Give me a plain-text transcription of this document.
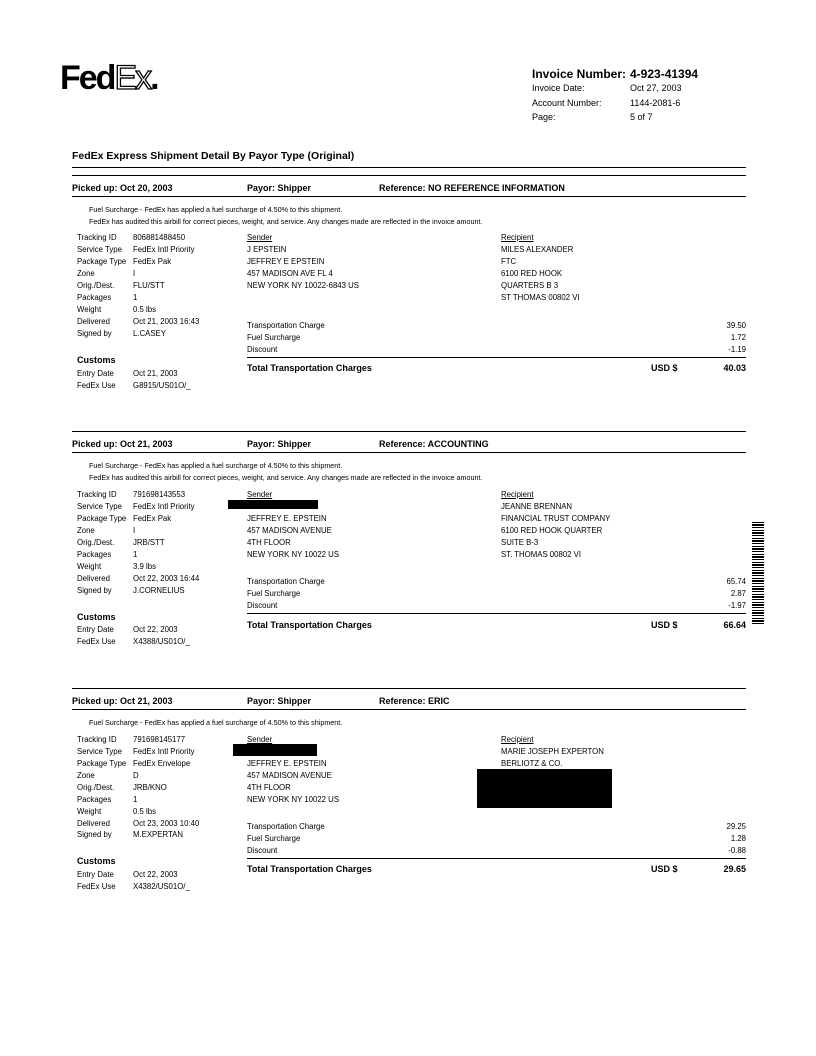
FedEx.	Invoice Number: 4-923-41394
Invoice Date:	Oct 27, 2003
Account Number:	1144-2081-6
Page:	5 of 7
FedEx Express Shipment Detail By Payor Type (Original)
Picked up: Oct 20, 2003	Payor: Shipper	Reference: NO REFERENCE INFORMATION
Fuel Surcharge - FedEx has applied a fuel surcharge of 4.50% to this shipment.
FedEx has audited this airbill for correct pieces, weight, and service. Any changes made are reflected in the invoice amount.
Tracking ID 806881488450
Service Type FedEx Intl Priority
Package Type FedEx Pak
Zone	I
Orig./Dest. FLU/STT
Packages	1
Weight	0.5 lbs
Delivered	Oct 21, 2003 16:43
Signed by	L.CASEY
Customs
Entry Date Oct 21, 2003
FedEx Use G8915/US01O/_
Sender
J EPSTEIN
JEFFREY E EPSTEIN
457 MADISON AVE FL 4
NEW YORK NY 10022-6843 US
Recipient
MILES ALEXANDER
FTC
6100 RED HOOK
QUARTERS B 3
ST THOMAS 00802 VI
Transportation Charge	39.50
Fuel Surcharge	1.72
Discount	-1.19
Total Transportation Charges	USD $	40.03
Picked up: Oct 21, 2003	Payor: Shipper	Reference: ACCOUNTING
Fuel Surcharge - FedEx has applied a fuel surcharge of 4.50% to this shipment.
FedEx has audited this airbill for correct pieces, weight, and service. Any changes made are reflected in the invoice amount.
Tracking ID 791698143553
Service Type FedEx Intl Priority
Package Type FedEx Pak
Zone	I
Orig./Dest. JRB/STT
Packages	1
Weight	3.9 lbs
Delivered	Oct 22, 2003 16:44
Signed by	J.CORNELIUS
Customs
Entry Date Oct 22, 2003
FedEx Use X4388/US01O/_
Sender
JEFFREY E. EPSTEIN
457 MADISON AVENUE
4TH FLOOR
NEW YORK NY 10022 US
Recipient
JEANNE BRENNAN
FINANCIAL TRUST COMPANY
6100 RED HOOK QUARTER
SUITE B-3
ST. THOMAS 00802 VI
Transportation Charge	65.74
Fuel Surcharge	2.87
Discount	-1.97
Total Transportation Charges	USD $	66.64
Picked up: Oct 21, 2003	Payor: Shipper	Reference: ERIC
Fuel Surcharge - FedEx has applied a fuel surcharge of 4.50% to this shipment.
Tracking ID 791698145177
Service Type FedEx Intl Priority
Package Type FedEx Envelope
Zone	D
Orig./Dest. JRB/KNO
Packages	1
Weight	0.5 lbs
Delivered	Oct 23, 2003 10:40
Signed by	M.EXPERTAN
Customs
Entry Date Oct 22, 2003
FedEx Use X4382/US01O/_
Sender
JEFFREY E. EPSTEIN
457 MADISON AVENUE
4TH FLOOR
NEW YORK NY 10022 US
Recipient
MARIE JOSEPH EXPERTON
BERLIOTZ & CO.
Transportation Charge	29.25
Fuel Surcharge	1.28
Discount	-0.88
Total Transportation Charges	USD $	29.65
